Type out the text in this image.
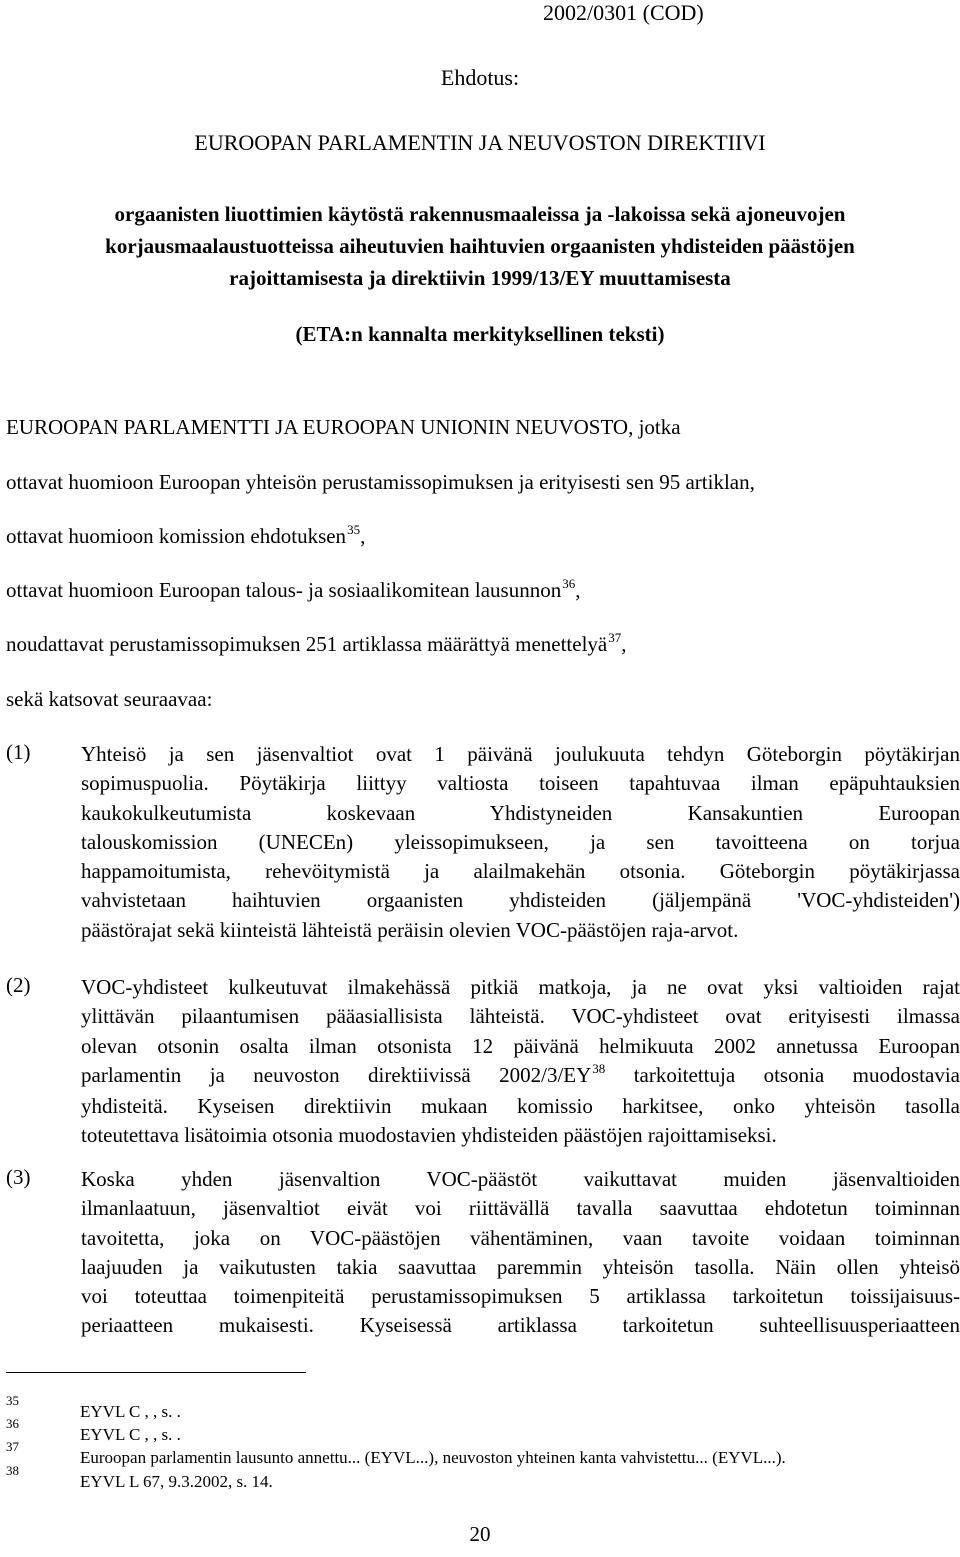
2002/0301 (COD)
Ehdotus:
EUROOPAN PARLAMENTIN JA NEUVOSTON DIREKTIIVI
orgaanisten liuottimien käytöstä rakennusmaaleissa ja -lakoissa sekä ajoneuvojen
korjausmaalaustuotteissa aiheutuvien haihtuvien orgaanisten yhdisteiden päästöjen
rajoittamisesta ja direktiivin 1999/13/EY muuttamisesta
(ETA:n kannalta merkityksellinen teksti)
EUROOPAN PARLAMENTTI JA EUROOPAN UNIONIN NEUVOSTO, jotka
ottavat huomioon Euroopan yhteisön perustamissopimuksen ja erityisesti sen 95 artiklan,
ottavat huomioon komission ehdotuksen$^{35}$,
ottavat huomioon Euroopan talous- ja sosiaalikomitean lausunnon$^{36}$,
noudattavat perustamissopimuksen 251 artiklassa määrättyä menettelyä$^{37}$,
sekä katsovat seuraavaa:
(1) Yhteisö ja sen jäsenvaltiot ovat 1 päivänä joulukuuta tehdyn Göteborgin pöytäkirjan
sopimuspuolia. Pöytäkirja liittyy valtiosta toiseen tapahtuvaa ilman epäpuhtauksien
kaukokulkeutumista koskevaan Yhdistyneiden Kansakuntien Euroopan
talouskomission (UNECEn) yleissopimukseen, ja sen tavoitteena on torjua
happamoitumista, rehevöitymistä ja alailmakehän otsonia. Göteborgin pöytäkirjassa
vahvistetaan haihtuvien orgaanisten yhdisteiden (jäljempänä 'VOC-yhdisteiden')
päästörajat sekä kiinteistä lähteistä peräisin olevien VOC-päästöjen raja-arvot.
(2) VOC-yhdisteet kulkeutuvat ilmakehässä pitkiä matkoja, ja ne ovat yksi valtioiden rajat
ylittävän pilaantumisen pääasiallisista lähteistä. VOC-yhdisteet ovat erityisesti ilmassa
olevan otsonin osalta ilman otsonista 12 päivänä helmikuuta 2002 annetussa Euroopan
parlamentin ja neuvoston direktiivissä 2002/3/EY$^{38}$ tarkoitettuja otsonia muodostavia
yhdisteitä. Kyseisen direktiivin mukaan komissio harkitsee, onko yhteisön tasolla
toteutettava lisätoimia otsonia muodostavien yhdisteiden päästöjen rajoittamiseksi.
(3) Koska yhden jäsenvaltion VOC-päästöt vaikuttavat muiden jäsenvaltioiden
ilmanlaatuun, jäsenvaltiot eivät voi riittävällä tavalla saavuttaa ehdotetun toiminnan
tavoitetta, joka on VOC-päästöjen vähentäminen, vaan tavoite voidaan toiminnan
laajuuden ja vaikutusten takia saavuttaa paremmin yhteisön tasolla. Näin ollen yhteisö
voi toteuttaa toimenpiteitä perustamissopimuksen 5 artiklassa tarkoitetun toissijaisuus-
periaatteen mukaisesti. Kyseisessä artiklassa tarkoitetun suhteellisuusperiaatteen
35
EYVL C , , s. .
36
EYVL C , , s. .
37
Euroopan parlamentin lausunto annettu... (EYVL...), neuvoston yhteinen kanta vahvistettu... (EYVL...).
38
EYVL L 67, 9.3.2002, s. 14.
20
